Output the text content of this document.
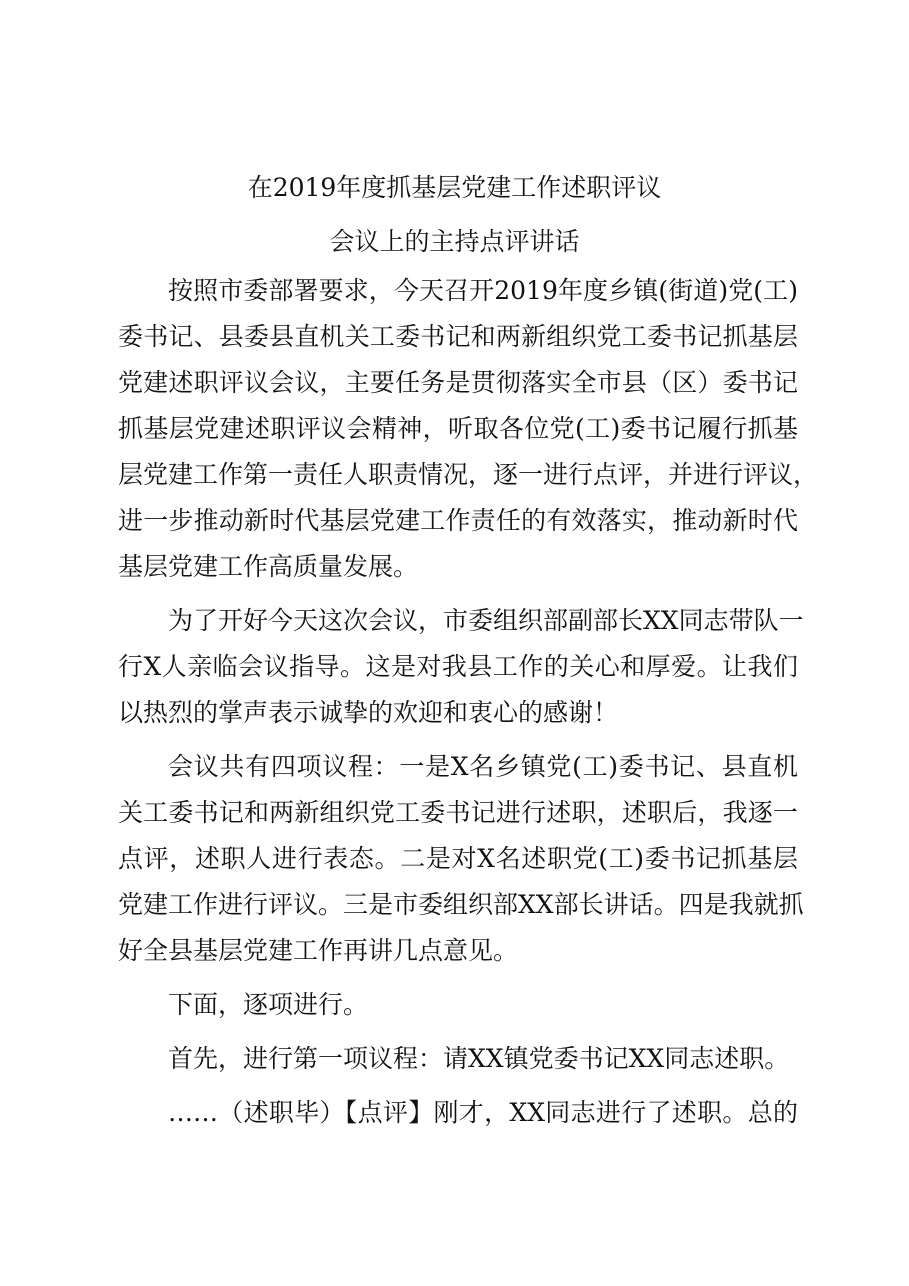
在2019年度抓基层党建工作述职评议
会议上的主持点评讲话
按照市委部署要求，今天召开2019年度乡镇(街道)党(工)
委书记、县委县直机关工委书记和两新组织党工委书记抓基层
党建述职评议会议，主要任务是贯彻落实全市县（区）委书记
抓基层党建述职评议会精神，听取各位党(工)委书记履行抓基
层党建工作第一责任人职责情况，逐一进行点评，并进行评议，
进一步推动新时代基层党建工作责任的有效落实，推动新时代
基层党建工作高质量发展。
为了开好今天这次会议，市委组织部副部长XX同志带队一
行X人亲临会议指导。这是对我县工作的关心和厚爱。让我们
以热烈的掌声表示诚挚的欢迎和衷心的感谢！
会议共有四项议程：一是X名乡镇党(工)委书记、县直机
关工委书记和两新组织党工委书记进行述职，述职后，我逐一
点评，述职人进行表态。二是对X名述职党(工)委书记抓基层
党建工作进行评议。三是市委组织部XX部长讲话。四是我就抓
好全县基层党建工作再讲几点意见。
下面，逐项进行。
首先，进行第一项议程：请XX镇党委书记XX同志述职。
……（述职毕）【点评】刚才，XX同志进行了述职。总的
